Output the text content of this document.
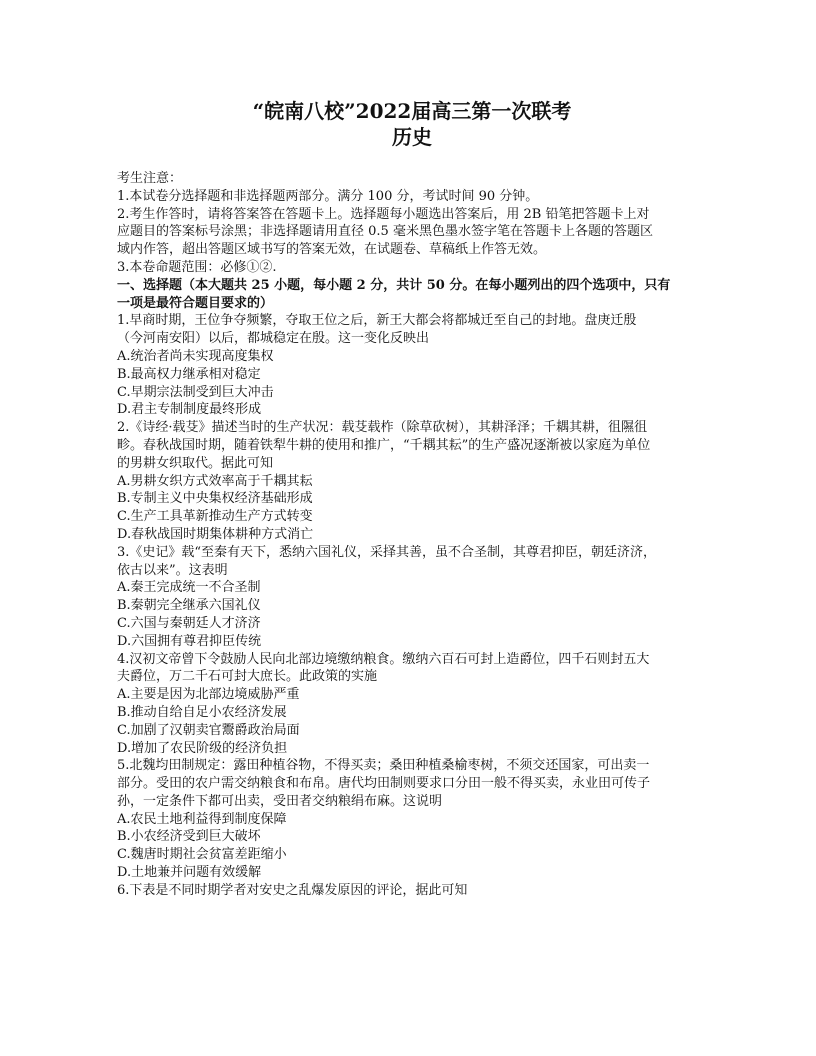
“皖南八校”2022届高三第一次联考

历史

考生注意：

1.本试卷分选择题和非选择题两部分。满分 100 分，考试时间 90 分钟。

2.考生作答时，请将答案答在答题卡上。选择题每小题选出答案后，用 2B 铅笔把答题卡上对

应题目的答案标号涂黑；非选择题请用直径 0.5 毫米黑色墨水签字笔在答题卡上各题的答题区

域内作答，超出答题区域书写的答案无效，在试题卷、草稿纸上作答无效。

3.本卷命题范围：必修①②.

一、选择题（本大题共 25 小题，每小题 2 分，共计 50 分。在每小题列出的四个选项中，只有

一项是最符合题目要求的）

1.早商时期，王位争夺频繁，夺取王位之后，新王大都会将都城迁至自己的封地。盘庚迁殷

（今河南安阳）以后，都城稳定在殷。这一变化反映出

A.统治者尚未实现高度集权

B.最高权力继承相对稳定

C.早期宗法制受到巨大冲击

D.君主专制制度最终形成

2.《诗经·载芟》描述当时的生产状况：载芟载柞（除草砍树），其耕泽泽；千耦其耕，徂隰徂

畛。春秋战国时期，随着铁犁牛耕的使用和推广，“千耦其耘”的生产盛况逐渐被以家庭为单位

的男耕女织取代。据此可知

A.男耕女织方式效率高于千耦其耘

B.专制主义中央集权经济基础形成

C.生产工具革新推动生产方式转变

D.春秋战国时期集体耕种方式消亡

3.《史记》载“至秦有天下，悉纳六国礼仪，采择其善，虽不合圣制，其尊君抑臣，朝廷济济，

依古以来”。这表明

A.秦王完成统一不合圣制

B.秦朝完全继承六国礼仪

C.六国与秦朝廷人才济济

D.六国拥有尊君抑臣传统

4.汉初文帝曾下令鼓励人民向北部边境缴纳粮食。缴纳六百石可封上造爵位，四千石则封五大

夫爵位，万二千石可封大庶长。此政策的实施

A.主要是因为北部边境威胁严重

B.推动自给自足小农经济发展

C.加剧了汉朝卖官鬻爵政治局面

D.增加了农民阶级的经济负担

5.北魏均田制规定：露田种植谷物，不得买卖；桑田种植桑榆枣树，不须交还国家，可出卖一

部分。受田的农户需交纳粮食和布帛。唐代均田制则要求口分田一般不得买卖，永业田可传子

孙，一定条件下都可出卖，受田者交纳粮绢布麻。这说明

A.农民土地利益得到制度保障

B.小农经济受到巨大破坏

C.魏唐时期社会贫富差距缩小

D.土地兼并问题有效缓解

6.下表是不同时期学者对安史之乱爆发原因的评论，据此可知
